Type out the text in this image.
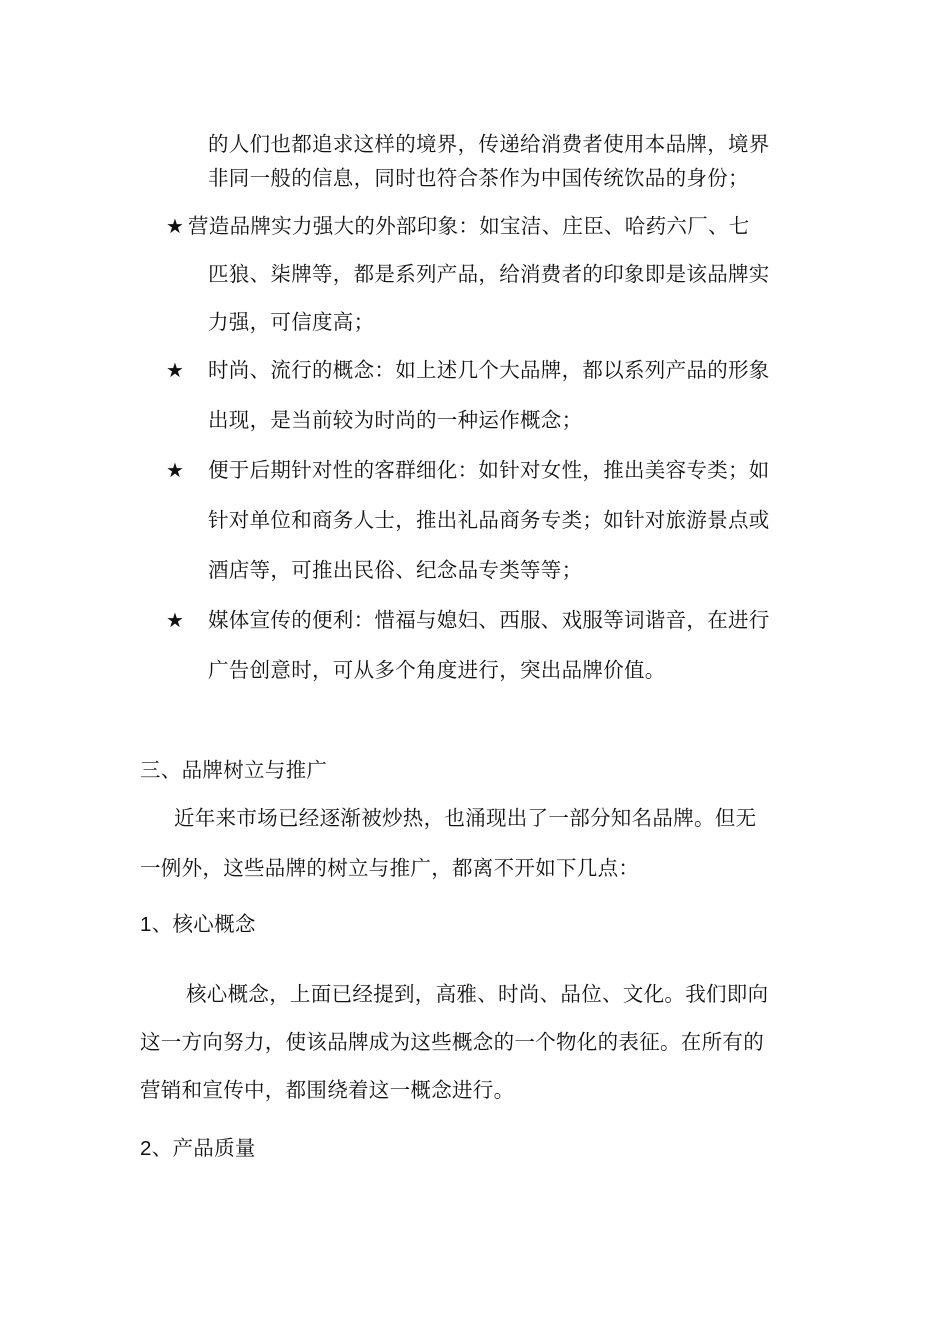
的人们也都追求这样的境界，传递给消费者使用本品牌，境界
非同一般的信息，同时也符合茶作为中国传统饮品的身份；
★ 营造品牌实力强大的外部印象：如宝洁、庄臣、哈药六厂、七
匹狼、柒牌等，都是系列产品，给消费者的印象即是该品牌实
力强，可信度高；
★ 时尚、流行的概念：如上述几个大品牌，都以系列产品的形象
出现，是当前较为时尚的一种运作概念；
★ 便于后期针对性的客群细化：如针对女性，推出美容专类；如
针对单位和商务人士，推出礼品商务专类；如针对旅游景点或
酒店等，可推出民俗、纪念品专类等等；
★ 媒体宣传的便利：惜福与媳妇、西服、戏服等词谐音，在进行
广告创意时，可从多个角度进行，突出品牌价值。
三、品牌树立与推广
近年来市场已经逐渐被炒热，也涌现出了一部分知名品牌。但无
一例外，这些品牌的树立与推广，都离不开如下几点：
1、核心概念
核心概念，上面已经提到，高雅、时尚、品位、文化。我们即向
这一方向努力，使该品牌成为这些概念的一个物化的表征。在所有的
营销和宣传中，都围绕着这一概念进行。
2、产品质量
